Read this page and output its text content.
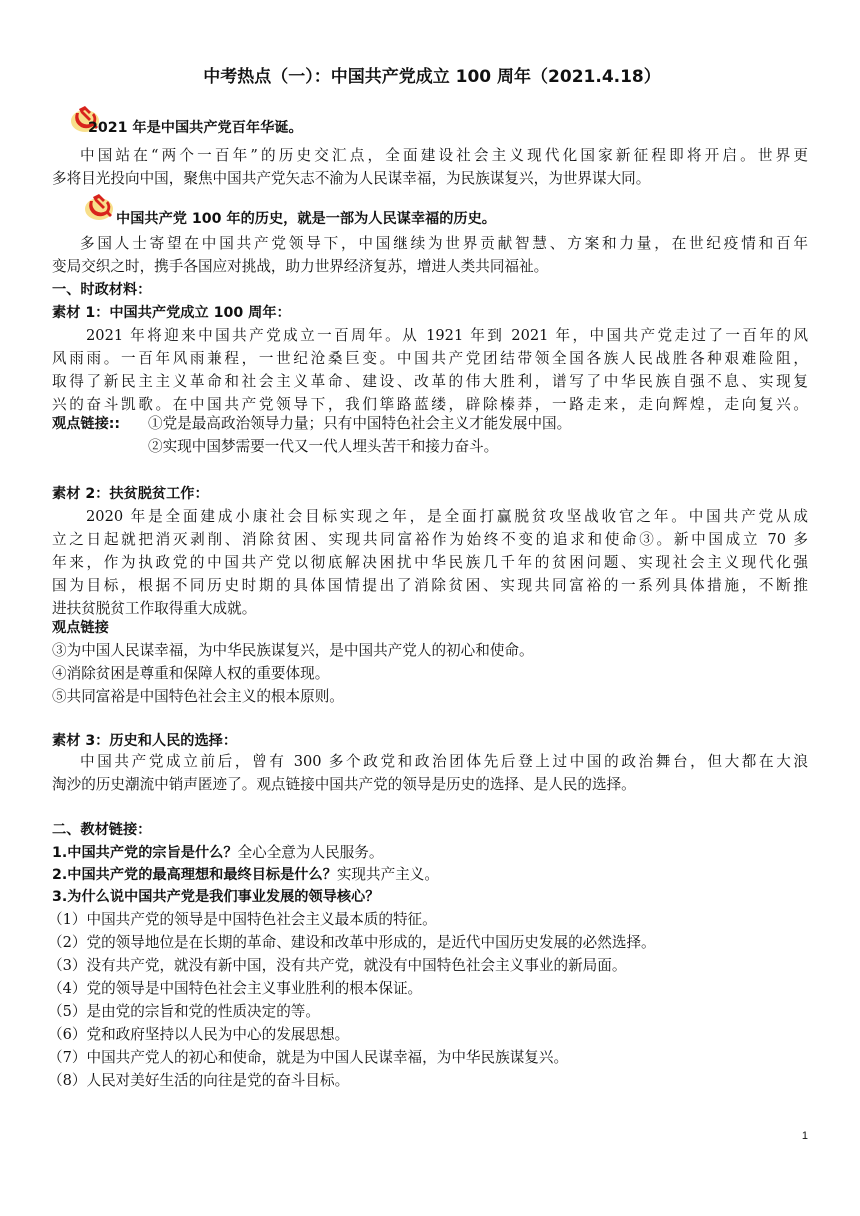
中考热点（一）：中国共产党成立 100 周年（2021.4.18）
2021 年是中国共产党百年华诞。
中国站在“两个一百年”的历史交汇点，全面建设社会主义现代化国家新征程即将开启。世界更
多将目光投向中国，聚焦中国共产党矢志不渝为人民谋幸福，为民族谋复兴，为世界谋大同。
中国共产党 100 年的历史，就是一部为人民谋幸福的历史。
多国人士寄望在中国共产党领导下，中国继续为世界贡献智慧、方案和力量，在世纪疫情和百年
变局交织之时，携手各国应对挑战，助力世界经济复苏，增进人类共同福祉。
一、时政材料：
素材 1：中国共产党成立 100 周年：
2021 年将迎来中国共产党成立一百周年。从 1921 年到 2021 年，中国共产党走过了一百年的风
风雨雨。一百年风雨兼程，一世纪沧桑巨变。中国共产党团结带领全国各族人民战胜各种艰难险阻，
取得了新民主主义革命和社会主义革命、建设、改革的伟大胜利，谱写了中华民族自强不息、实现复
兴的奋斗凯歌。在中国共产党领导下，我们筚路蓝缕，辟除榛莽，一路走来，走向辉煌，走向复兴。
观点链接::	①党是最高政治领导力量；只有中国特色社会主义才能发展中国。
②实现中国梦需要一代又一代人埋头苦干和接力奋斗。
素材 2：扶贫脱贫工作：
2020 年是全面建成小康社会目标实现之年，是全面打赢脱贫攻坚战收官之年。中国共产党从成
立之日起就把消灭剥削、消除贫困、实现共同富裕作为始终不变的追求和使命③。新中国成立 70 多
年来，作为执政党的中国共产党以彻底解决困扰中华民族几千年的贫困问题、实现社会主义现代化强
国为目标，根据不同历史时期的具体国情提出了消除贫困、实现共同富裕的一系列具体措施，不断推
进扶贫脱贫工作取得重大成就。
观点链接
③为中国人民谋幸福，为中华民族谋复兴，是中国共产党人的初心和使命。
④消除贫困是尊重和保障人权的重要体现。
⑤共同富裕是中国特色社会主义的根本原则。
素材 3：历史和人民的选择：
中国共产党成立前后，曾有 300 多个政党和政治团体先后登上过中国的政治舞台，但大都在大浪
淘沙的历史潮流中销声匿迹了。观点链接中国共产党的领导是历史的选择、是人民的选择。
二、教材链接：
1.中国共产党的宗旨是什么？全心全意为人民服务。
2.中国共产党的最高理想和最终目标是什么？实现共产主义。
3.为什么说中国共产党是我们事业发展的领导核心？
（1）中国共产党的领导是中国特色社会主义最本质的特征。
（2）党的领导地位是在长期的革命、建设和改革中形成的，是近代中国历史发展的必然选择。
（3）没有共产党，就没有新中国，没有共产党，就没有中国特色社会主义事业的新局面。
（4）党的领导是中国特色社会主义事业胜利的根本保证。
（5）是由党的宗旨和党的性质决定的等。
（6）党和政府坚持以人民为中心的发展思想。
（7）中国共产党人的初心和使命，就是为中国人民谋幸福，为中华民族谋复兴。
（8）人民对美好生活的向往是党的奋斗目标。
1
